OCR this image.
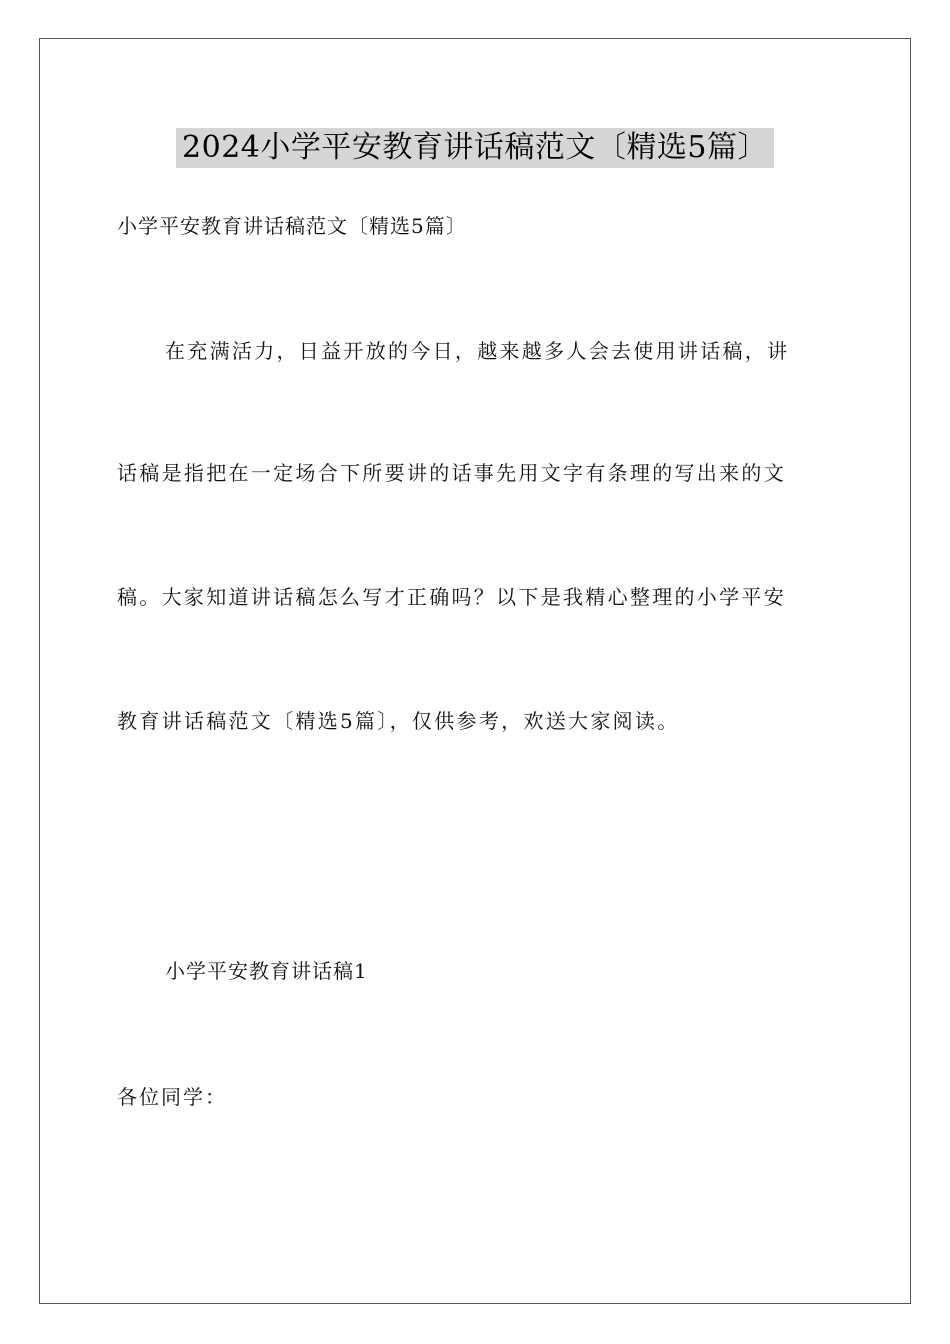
2024小学平安教育讲话稿范文〔精选5篇〕
小学平安教育讲话稿范文〔精选5篇〕
在充满活力，日益开放的今日，越来越多人会去使用讲话稿，讲
话稿是指把在一定场合下所要讲的话事先用文字有条理的写出来的文
稿。大家知道讲话稿怎么写才正确吗？以下是我精心整理的小学平安
教育讲话稿范文〔精选5篇〕，仅供参考，欢送大家阅读。
小学平安教育讲话稿1
各位同学：
